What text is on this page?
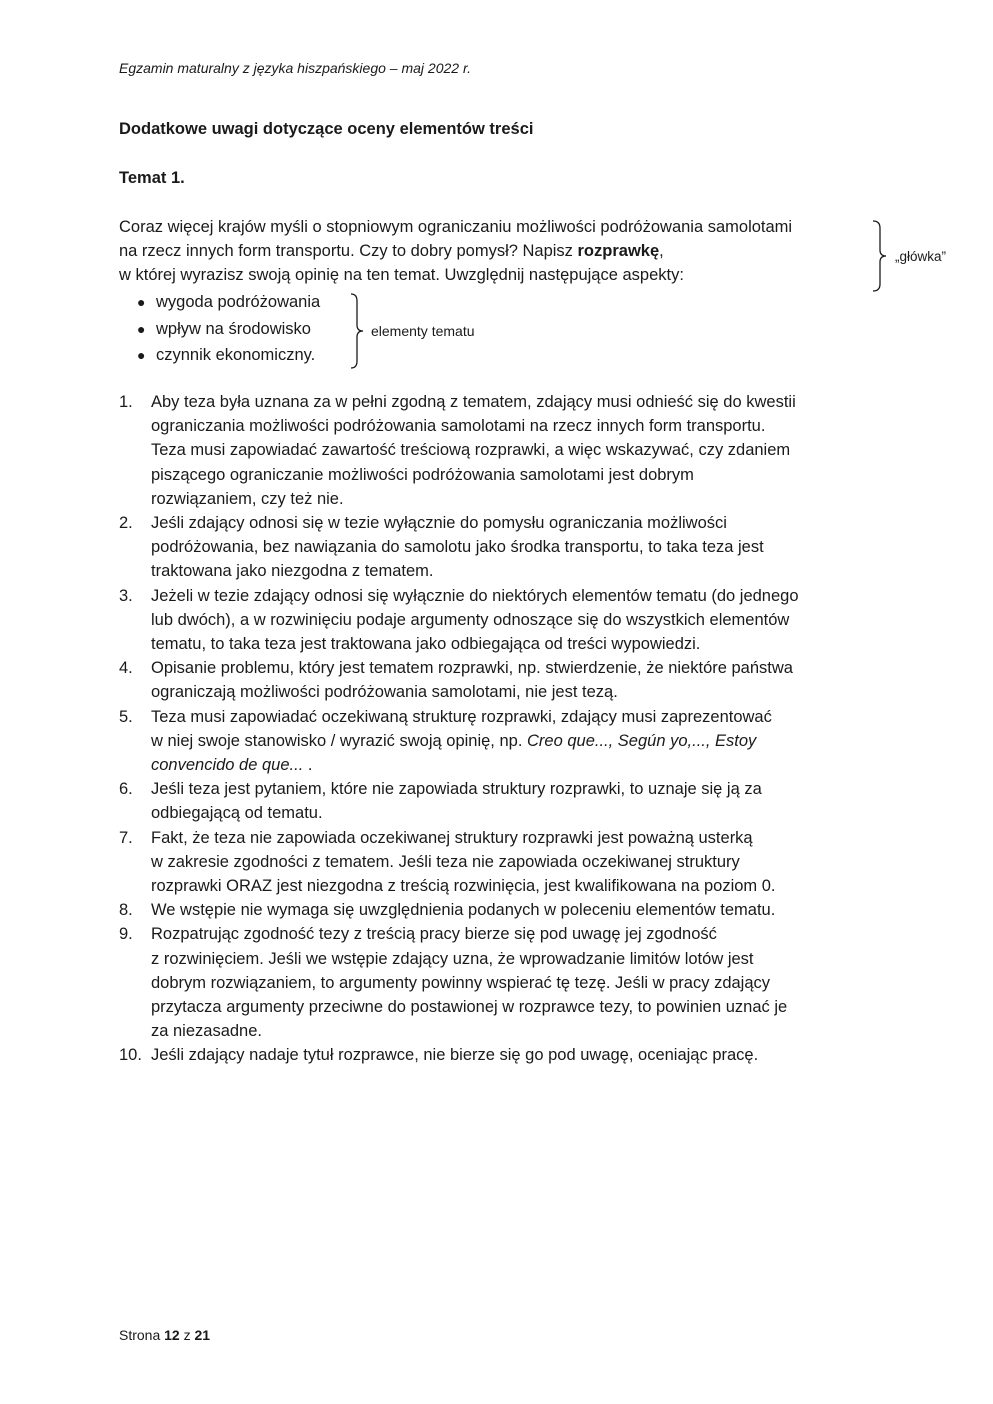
Egzamin maturalny z języka hiszpańskiego – maj 2022 r.
Dodatkowe uwagi dotyczące oceny elementów treści
Temat 1.
Coraz więcej krajów myśli o stopniowym ograniczaniu możliwości podróżowania samolotami
na rzecz innych form transportu. Czy to dobry pomysł? Napisz rozprawkę,
w której wyrazisz swoją opinię na ten temat. Uwzględnij następujące aspekty:
„główka”
● wygoda podróżowania
● wpływ na środowisko
● czynnik ekonomiczny.
elementy tematu
1. Aby teza była uznana za w pełni zgodną z tematem, zdający musi odnieść się do kwestii
ograniczania możliwości podróżowania samolotami na rzecz innych form transportu.
Teza musi zapowiadać zawartość treściową rozprawki, a więc wskazywać, czy zdaniem
piszącego ograniczanie możliwości podróżowania samolotami jest dobrym
rozwiązaniem, czy też nie.
2. Jeśli zdający odnosi się w tezie wyłącznie do pomysłu ograniczania możliwości
podróżowania, bez nawiązania do samolotu jako środka transportu, to taka teza jest
traktowana jako niezgodna z tematem.
3. Jeżeli w tezie zdający odnosi się wyłącznie do niektórych elementów tematu (do jednego
lub dwóch), a w rozwinięciu podaje argumenty odnoszące się do wszystkich elementów
tematu, to taka teza jest traktowana jako odbiegająca od treści wypowiedzi.
4. Opisanie problemu, który jest tematem rozprawki, np. stwierdzenie, że niektóre państwa
ograniczają możliwości podróżowania samolotami, nie jest tezą.
5. Teza musi zapowiadać oczekiwaną strukturę rozprawki, zdający musi zaprezentować
w niej swoje stanowisko / wyrazić swoją opinię, np. Creo que..., Según yo,..., Estoy
convencido de que... .
6. Jeśli teza jest pytaniem, które nie zapowiada struktury rozprawki, to uznaje się ją za
odbiegającą od tematu.
7. Fakt, że teza nie zapowiada oczekiwanej struktury rozprawki jest poważną usterką
w zakresie zgodności z tematem. Jeśli teza nie zapowiada oczekiwanej struktury
rozprawki ORAZ jest niezgodna z treścią rozwinięcia, jest kwalifikowana na poziom 0.
8. We wstępie nie wymaga się uwzględnienia podanych w poleceniu elementów tematu.
9. Rozpatrując zgodność tezy z treścią pracy bierze się pod uwagę jej zgodność
z rozwinięciem. Jeśli we wstępie zdający uzna, że wprowadzanie limitów lotów jest
dobrym rozwiązaniem, to argumenty powinny wspierać tę tezę. Jeśli w pracy zdający
przytacza argumenty przeciwne do postawionej w rozprawce tezy, to powinien uznać je
za niezasadne.
10. Jeśli zdający nadaje tytuł rozprawce, nie bierze się go pod uwagę, oceniając pracę.
Strona 12 z 21
